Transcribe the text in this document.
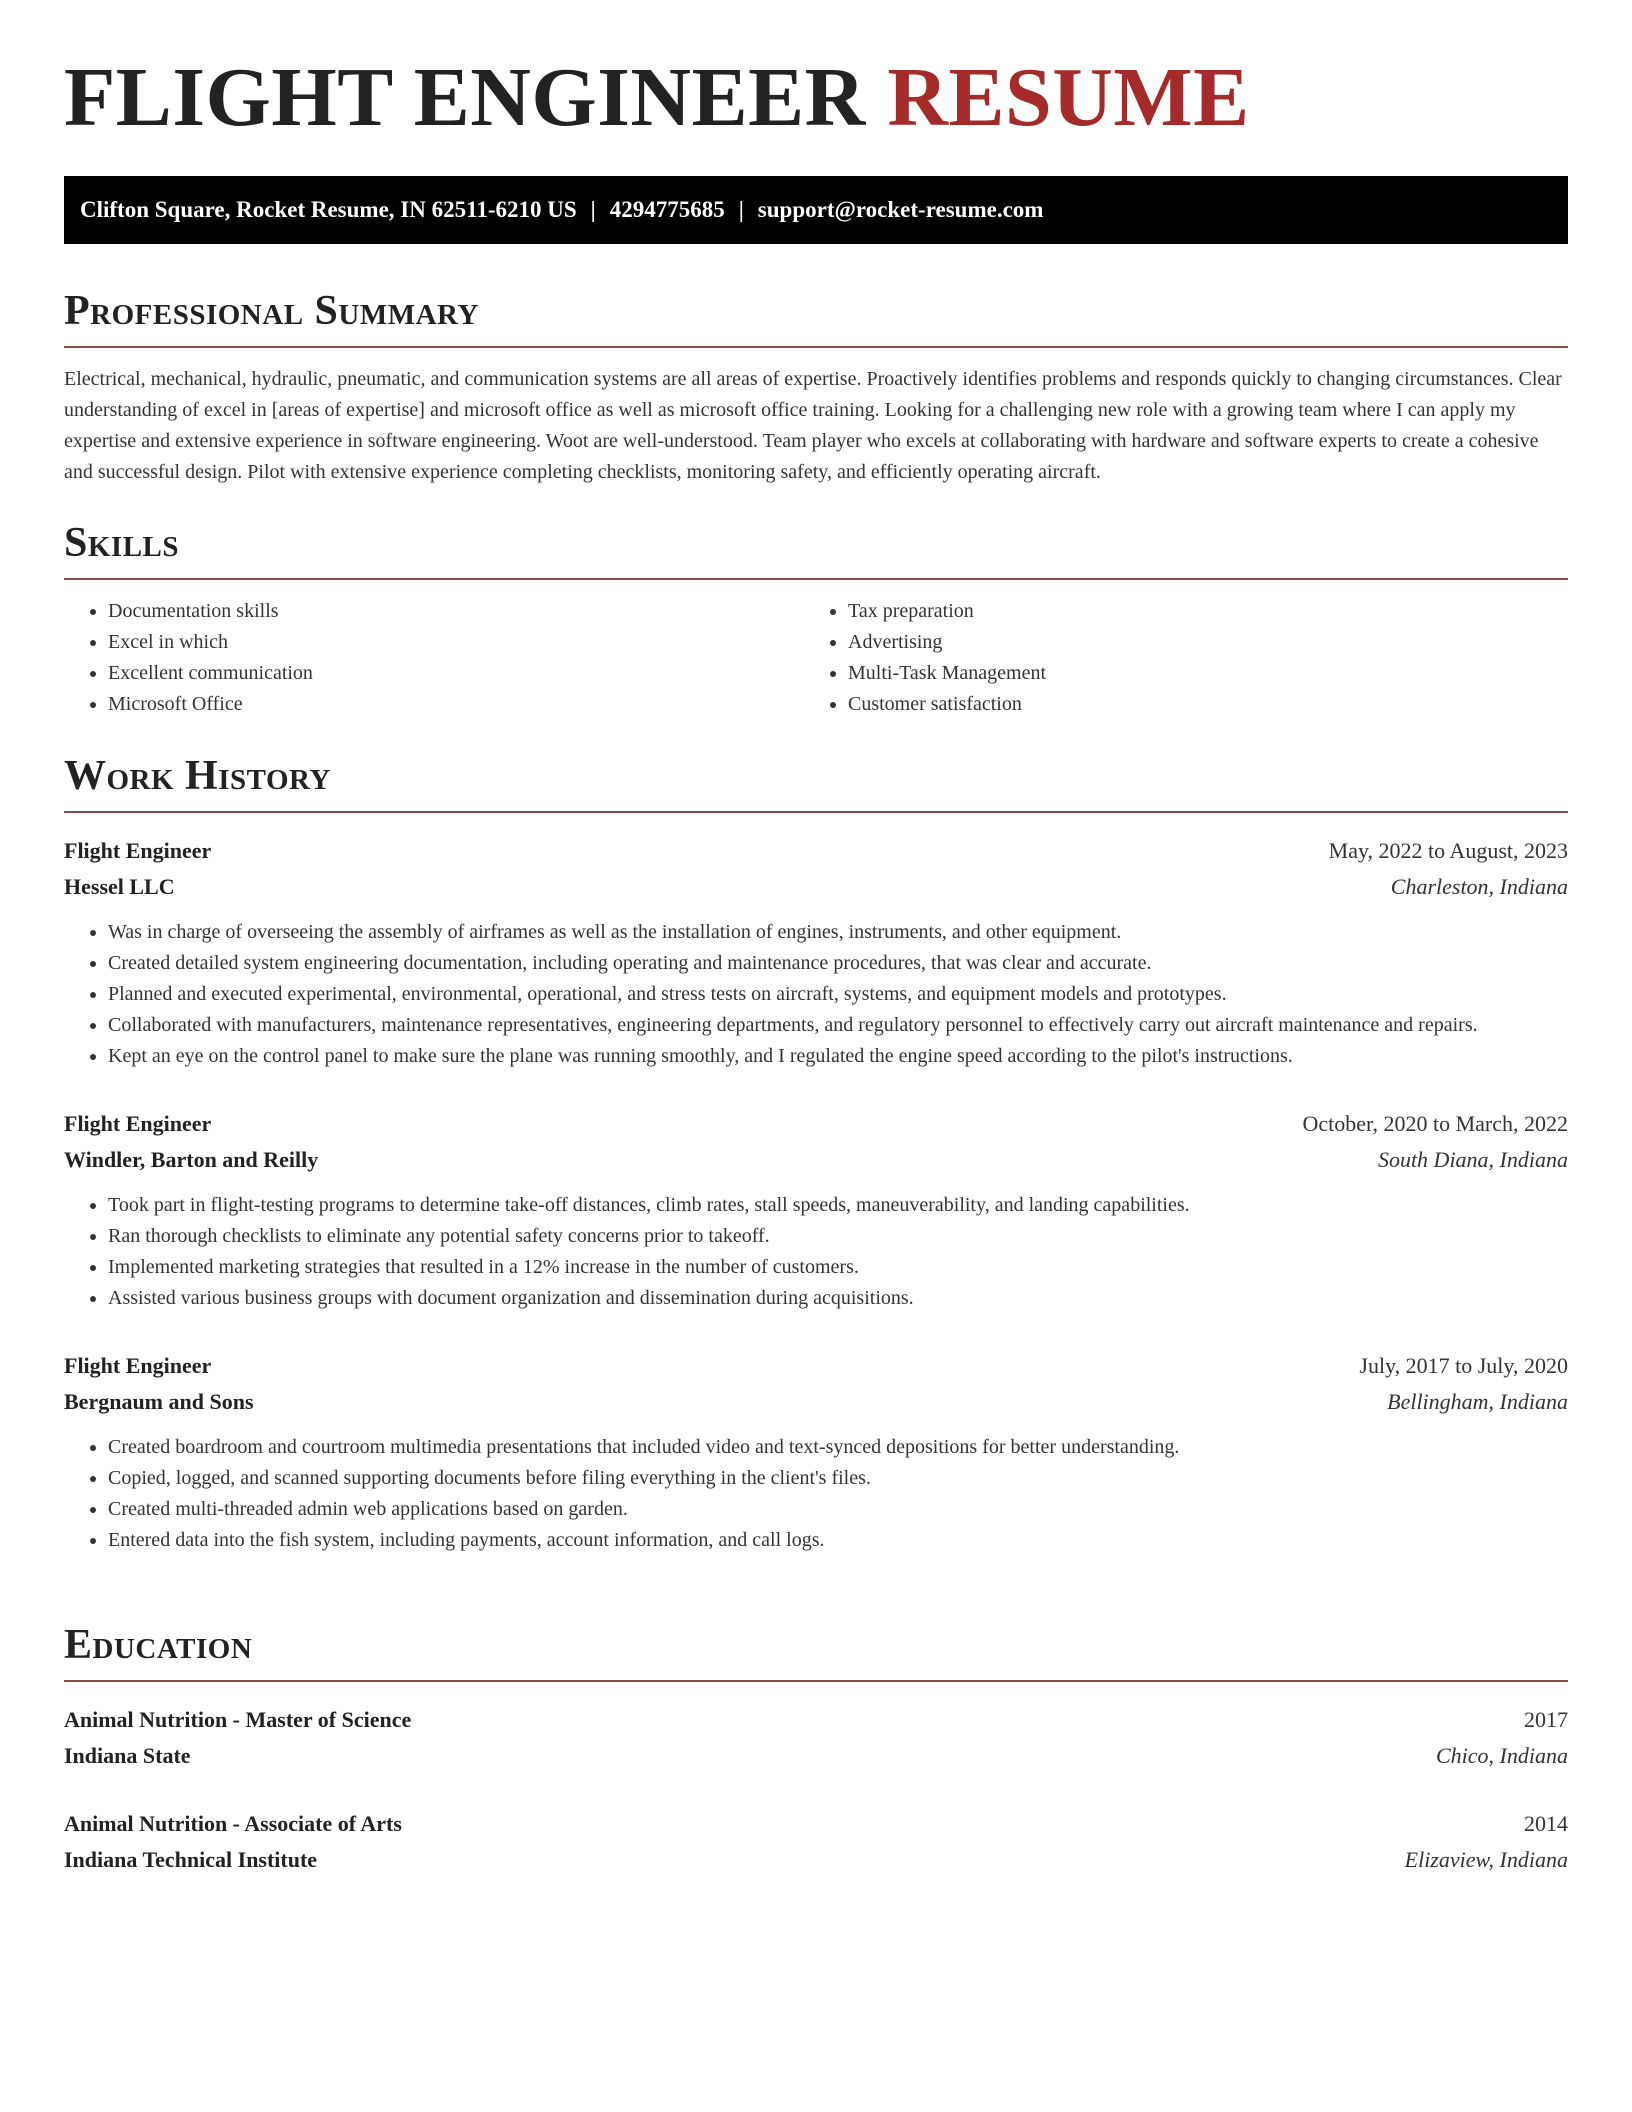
FLIGHT ENGINEER RESUME
Clifton Square, Rocket Resume, IN 62511-6210 US | 4294775685 | support@rocket-resume.com
Professional Summary

Electrical, mechanical, hydraulic, pneumatic, and communication systems are all areas of expertise. Proactively identifies problems and responds quickly to changing circumstances. Clear understanding of excel in [areas of expertise] and microsoft office as well as microsoft office training. Looking for a challenging new role with a growing team where I can apply my expertise and extensive experience in software engineering. Woot are well-understood. Team player who excels at collaborating with hardware and software experts to create a cohesive and successful design. Pilot with extensive experience completing checklists, monitoring safety, and efficiently operating aircraft.

Skills
• Documentation skills
• Excel in which
• Excellent communication
• Microsoft Office
• Tax preparation
• Advertising
• Multi-Task Management
• Customer satisfaction
Work History
Flight Engineer	May, 2022 to August, 2023
Hessel LLC	Charleston, Indiana
• Was in charge of overseeing the assembly of airframes as well as the installation of engines, instruments, and other equipment.
• Created detailed system engineering documentation, including operating and maintenance procedures, that was clear and accurate.
• Planned and executed experimental, environmental, operational, and stress tests on aircraft, systems, and equipment models and prototypes.
• Collaborated with manufacturers, maintenance representatives, engineering departments, and regulatory personnel to effectively carry out aircraft maintenance and repairs.
• Kept an eye on the control panel to make sure the plane was running smoothly, and I regulated the engine speed according to the pilot's instructions.
Flight Engineer	October, 2020 to March, 2022
Windler, Barton and Reilly	South Diana, Indiana
• Took part in flight-testing programs to determine take-off distances, climb rates, stall speeds, maneuverability, and landing capabilities.
• Ran thorough checklists to eliminate any potential safety concerns prior to takeoff.
• Implemented marketing strategies that resulted in a 12% increase in the number of customers.
• Assisted various business groups with document organization and dissemination during acquisitions.
Flight Engineer	July, 2017 to July, 2020
Bergnaum and Sons	Bellingham, Indiana
• Created boardroom and courtroom multimedia presentations that included video and text-synced depositions for better understanding.
• Copied, logged, and scanned supporting documents before filing everything in the client's files.
• Created multi-threaded admin web applications based on garden.
• Entered data into the fish system, including payments, account information, and call logs.
Education
Animal Nutrition - Master of Science	2017
Indiana State	Chico, Indiana
Animal Nutrition - Associate of Arts	2014
Indiana Technical Institute	Elizaview, Indiana
